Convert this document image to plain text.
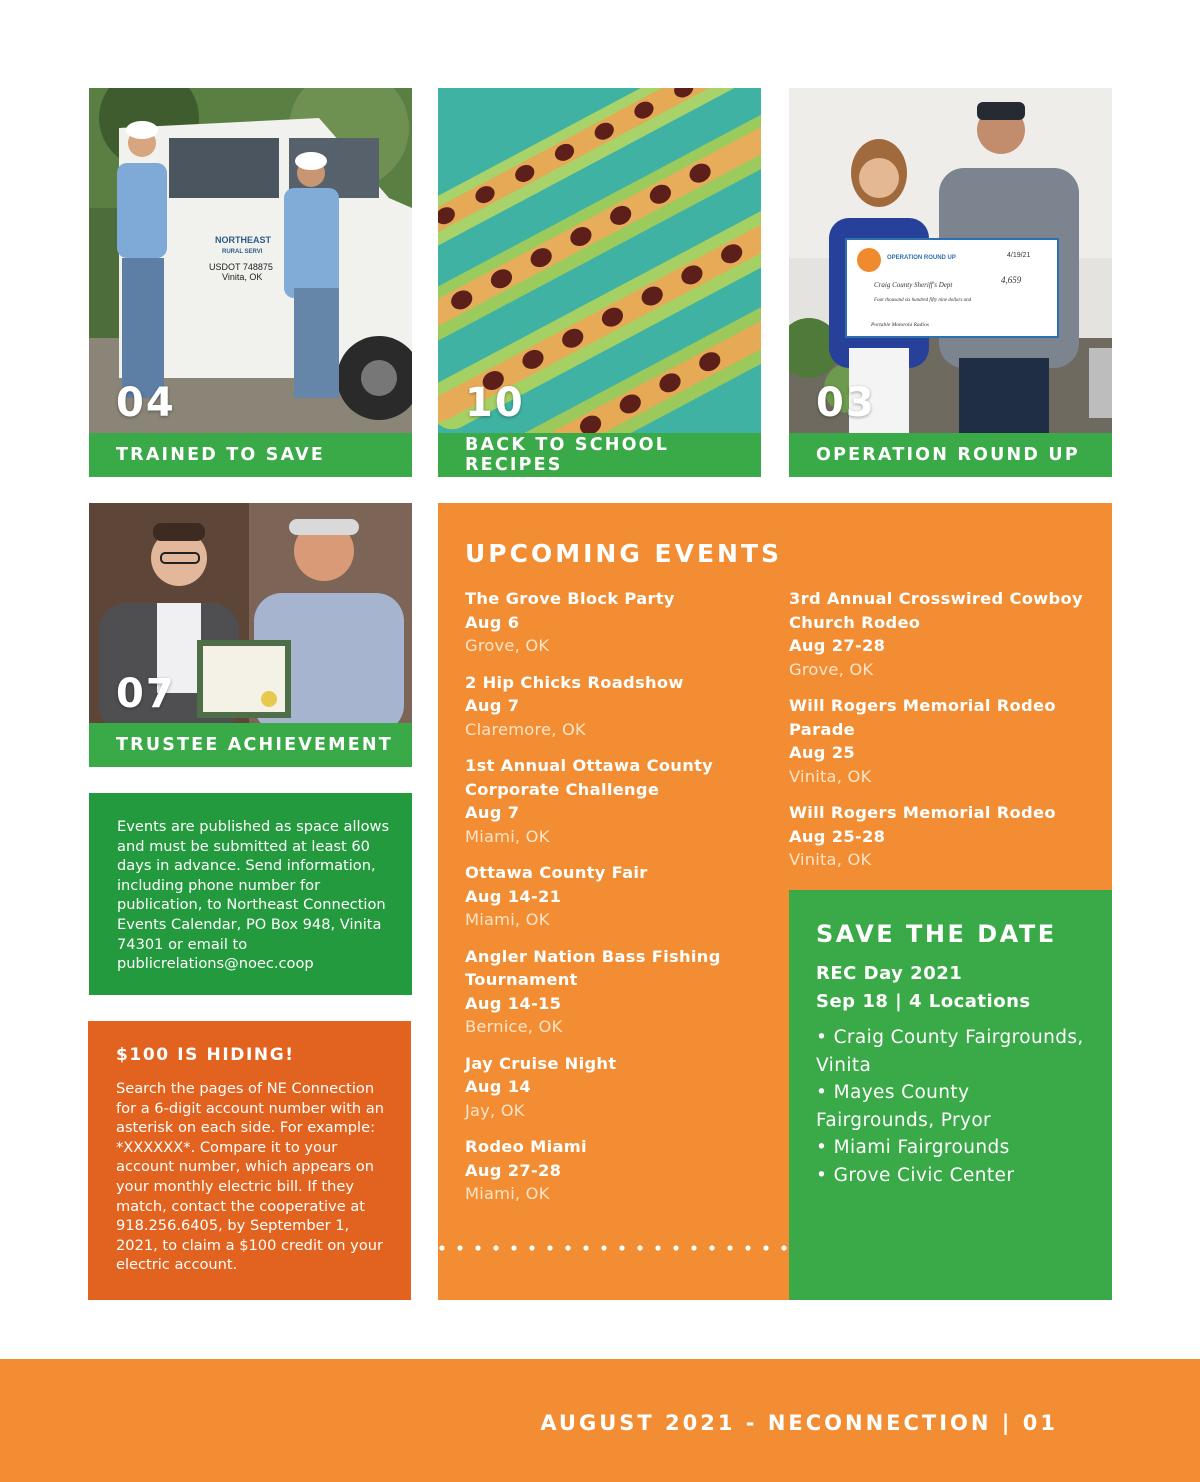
NORTHEAST
RURAL SERVI
USDOT 748875
Vinita, OK
04
TRAINED TO SAVE
10
BACK TO SCHOOL RECIPES
OPERATION ROUND UP	4/19/21
Craig County Sheriff's Dept	4,659
Four thousand six hundred fifty nine dollars and
Portable Motorola Radios
03
OPERATION ROUND UP
07
TRUSTEE ACHIEVEMENT

Events are published as space allows and must be submitted at least 60 days in advance. Send information, including phone number for publication, to Northeast Connection Events Calendar, PO Box 948, Vinita 74301 or email to publicrelations@noec.coop

$100 IS HIDING!

Search the pages of NE Connection for a 6-digit account number with an asterisk on each side. For example: *XXXXXX*. Compare it to your account number, which appears on your monthly electric bill. If they match, contact the cooperative at 918.256.6405, by September 1, 2021, to claim a $100 credit on your electric account.

UPCOMING EVENTS
The Grove Block Party
Aug 6
Grove, OK
2 Hip Chicks Roadshow
Aug 7
Claremore, OK
1st Annual Ottawa County Corporate Challenge
Aug 7
Miami, OK
Ottawa County Fair
Aug 14-21
Miami, OK
Angler Nation Bass Fishing Tournament
Aug 14-15
Bernice, OK
Jay Cruise Night
Aug 14
Jay, OK
Rodeo Miami
Aug 27-28
Miami, OK
3rd Annual Crosswired Cowboy Church Rodeo
Aug 27-28
Grove, OK
Will Rogers Memorial Rodeo Parade
Aug 25
Vinita, OK
Will Rogers Memorial Rodeo
Aug 25-28
Vinita, OK
SAVE THE DATE
REC Day 2021
Sep 18 | 4 Locations
• Craig County Fairgrounds, Vinita
• Mayes County Fairgrounds, Pryor
• Miami Fairgrounds
• Grove Civic Center
AUGUST 2021 - NECONNECTION | 01
